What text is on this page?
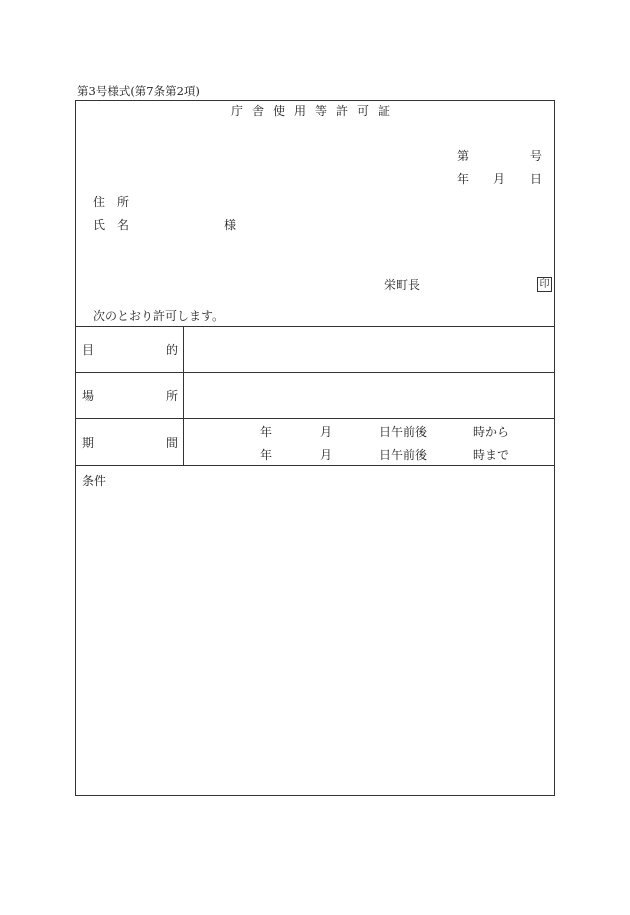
第3号様式(第7条第2項)
庁舎使用等許可証
第	号
年 月 日
住　所
氏　名	様
栄町長	印
次のとおり許可します。
目	的
場	所
期	間
年	月	日午前後	時から
年	月	日午前後	時まで
条件
